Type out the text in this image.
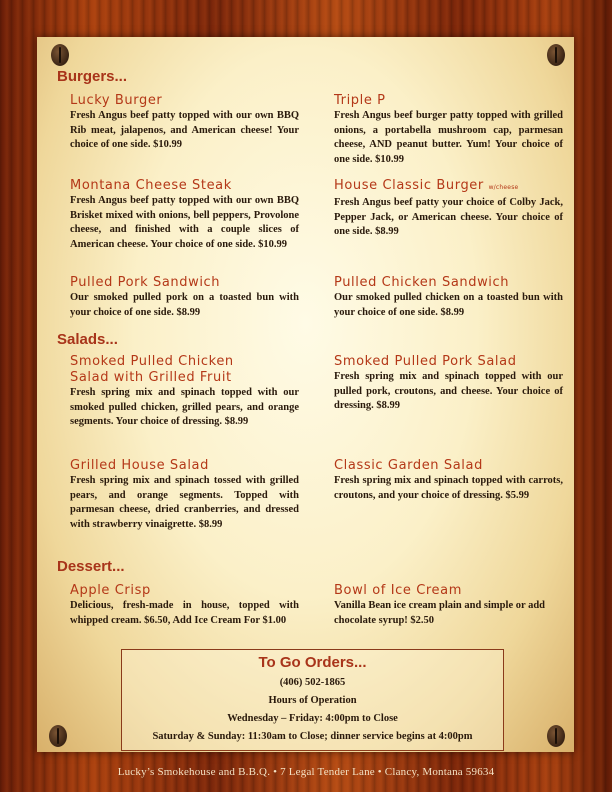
Burgers...

Lucky Burger

Fresh Angus beef patty topped with our own BBQ Rib meat, jalapenos, and American cheese! Your choice of one side. $10.99

Triple P

Fresh Angus beef burger patty topped with grilled onions, a portabella mushroom cap, parmesan cheese, AND peanut butter. Yum! Your choice of one side. $10.99

Montana Cheese Steak

Fresh Angus beef patty topped with our own BBQ Brisket mixed with onions, bell peppers, Provolone cheese, and finished with a couple slices of American cheese. Your choice of one side. $10.99

House Classic Burger w/cheese

Fresh Angus beef patty your choice of Colby Jack, Pepper Jack, or American cheese. Your choice of one side. $8.99

Pulled Pork Sandwich

Our smoked pulled pork on a toasted bun with your choice of one side. $8.99

Pulled Chicken Sandwich

Our smoked pulled chicken on a toasted bun with your choice of one side. $8.99

Salads...

Smoked Pulled Chicken

Salad with Grilled Fruit

Fresh spring mix and spinach topped with our smoked pulled chicken, grilled pears, and orange segments. Your choice of dressing. $8.99

Smoked Pulled Pork Salad

Fresh spring mix and spinach topped with our pulled pork, croutons, and cheese. Your choice of dressing. $8.99

Grilled House Salad

Fresh spring mix and spinach tossed with grilled pears, and orange segments. Topped with parmesan cheese, dried cranberries, and dressed with strawberry vinaigrette. $8.99

Classic Garden Salad

Fresh spring mix and spinach topped with carrots, croutons, and your choice of dressing. $5.99

Dessert...

Apple Crisp

Delicious, fresh-made in house, topped with whipped cream. $6.50, Add Ice Cream For $1.00

Bowl of Ice Cream

Vanilla Bean ice cream plain and simple or add chocolate syrup! $2.50

To Go Orders...
(406) 502-1865
Hours of Operation
Wednesday – Friday: 4:00pm to Close
Saturday & Sunday: 11:30am to Close; dinner service begins at 4:00pm
Lucky’s Smokehouse and B.B.Q. • 7 Legal Tender Lane • Clancy, Montana 59634
